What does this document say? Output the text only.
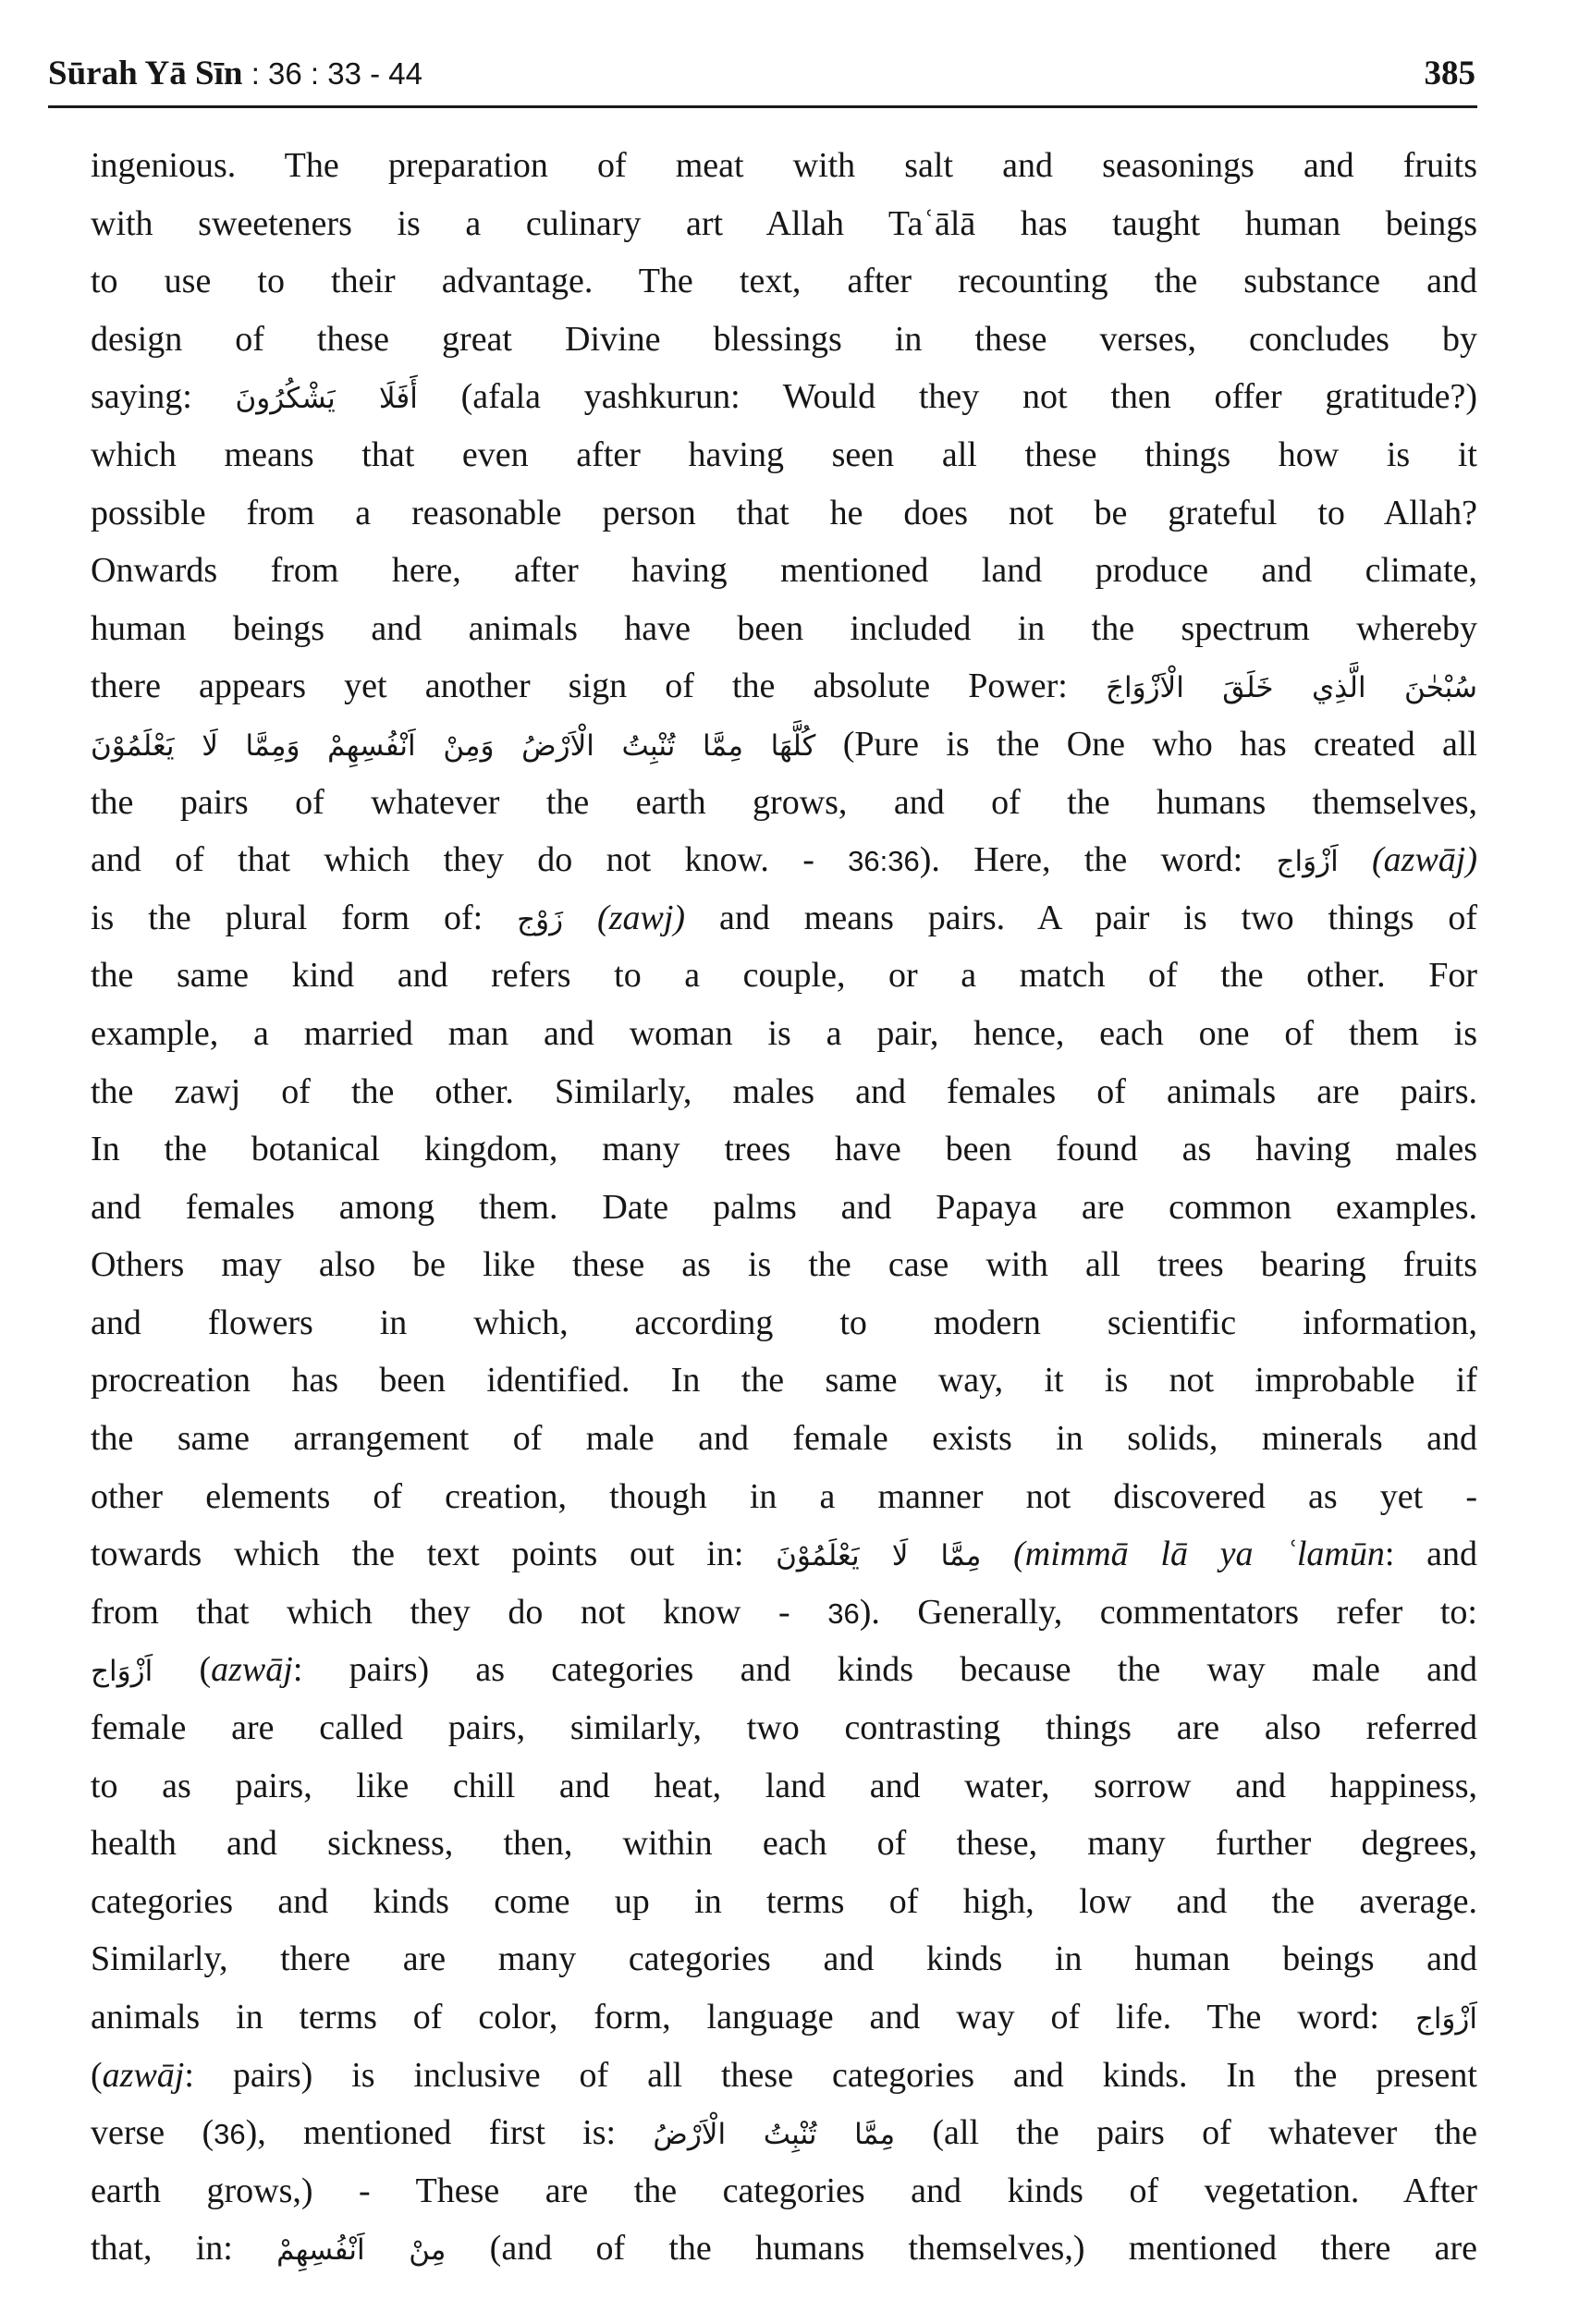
Sūrah Yā Sīn : 36 : 33 - 44	385
ingenious. The preparation of meat with salt and seasonings and fruits
with sweeteners is a culinary art Allah Taʿālā has taught human beings
to use to their advantage. The text, after recounting the substance and
design of these great Divine blessings in these verses, concludes by
saying: أَفَلَا يَشْكُرُونَ (afala yashkurun: Would they not then offer gratitude?)
which means that even after having seen all these things how is it
possible from a reasonable person that he does not be grateful to Allah?
Onwards from here, after having mentioned land produce and climate,
human beings and animals have been included in the spectrum whereby
there appears yet another sign of the absolute Power: سُبْحٰنَ الَّذِي خَلَقَ الْاَزْوَاجَ
كُلَّهَا مِمَّا تُنْبِتُ الْاَرْضُ وَمِنْ اَنْفُسِهِمْ وَمِمَّا لَا يَعْلَمُوْنَ (Pure is the One who has created all
the pairs of whatever the earth grows, and of the humans themselves,
and of that which they do not know. - 36:36). Here, the word: اَزْوَاج (azwāj)
is the plural form of: زَوْج (zawj) and means pairs. A pair is two things of
the same kind and refers to a couple, or a match of the other. For
example, a married man and woman is a pair, hence, each one of them is
the zawj of the other. Similarly, males and females of animals are pairs.
In the botanical kingdom, many trees have been found as having males
and females among them. Date palms and Papaya are common examples.
Others may also be like these as is the case with all trees bearing fruits
and flowers in which, according to modern scientific information,
procreation has been identified. In the same way, it is not improbable if
the same arrangement of male and female exists in solids, minerals and
other elements of creation, though in a manner not discovered as yet -
towards which the text points out in: مِمَّا لَا يَعْلَمُوْنَ (mimmā lā ya ʿlamūn: and
from that which they do not know - 36). Generally, commentators refer to:
اَزْوَاج (azwāj: pairs) as categories and kinds because the way male and
female are called pairs, similarly, two contrasting things are also referred
to as pairs, like chill and heat, land and water, sorrow and happiness,
health and sickness, then, within each of these, many further degrees,
categories and kinds come up in terms of high, low and the average.
Similarly, there are many categories and kinds in human beings and
animals in terms of color, form, language and way of life. The word: اَزْوَاج
(azwāj: pairs) is inclusive of all these categories and kinds. In the present
verse (36), mentioned first is: مِمَّا تُنْبِتُ الْاَرْضُ (all the pairs of whatever the
earth grows,) - These are the categories and kinds of vegetation. After
that, in: مِنْ اَنْفُسِهِمْ (and of the humans themselves,) mentioned there are
